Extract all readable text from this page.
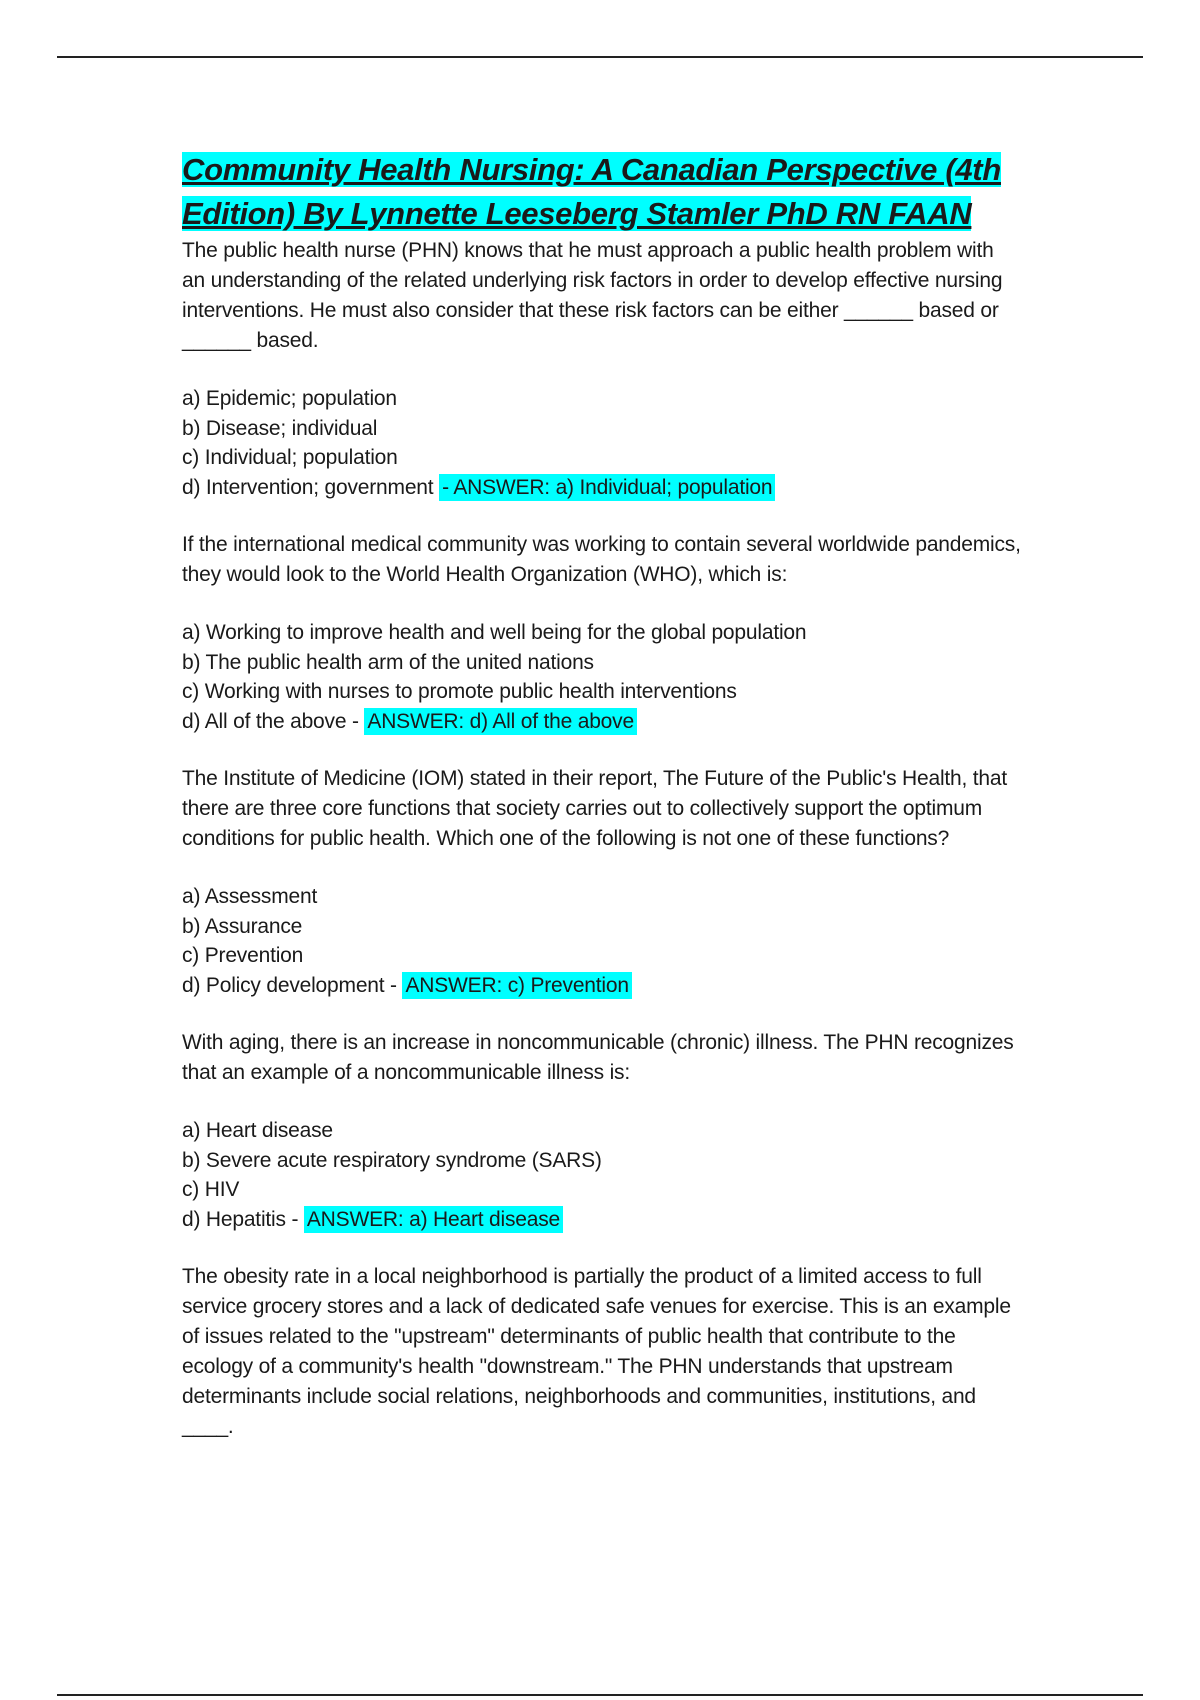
Community Health Nursing: A Canadian Perspective (4th Edition) By Lynnette Leeseberg Stamler PhD RN FAAN

The public health nurse (PHN) knows that he must approach a public health problem with an understanding of the related underlying risk factors in order to develop effective nursing interventions. He must also consider that these risk factors can be either ______ based or ______ based.

a) Epidemic; population
b) Disease; individual
c) Individual; population
d) Intervention; government - ANSWER: a) Individual; population

If the international medical community was working to contain several worldwide pandemics, they would look to the World Health Organization (WHO), which is:

a) Working to improve health and well being for the global population
b) The public health arm of the united nations
c) Working with nurses to promote public health interventions
d) All of the above - ANSWER: d) All of the above

The Institute of Medicine (IOM) stated in their report, The Future of the Public's Health, that there are three core functions that society carries out to collectively support the optimum conditions for public health. Which one of the following is not one of these functions?

a) Assessment
b) Assurance
c) Prevention
d) Policy development - ANSWER: c) Prevention

With aging, there is an increase in noncommunicable (chronic) illness. The PHN recognizes that an example of a noncommunicable illness is:

a) Heart disease
b) Severe acute respiratory syndrome (SARS)
c) HIV
d) Hepatitis - ANSWER: a) Heart disease

The obesity rate in a local neighborhood is partially the product of a limited access to full service grocery stores and a lack of dedicated safe venues for exercise. This is an example of issues related to the "upstream" determinants of public health that contribute to the ecology of a community's health "downstream." The PHN understands that upstream determinants include social relations, neighborhoods and communities, institutions, and ____.
